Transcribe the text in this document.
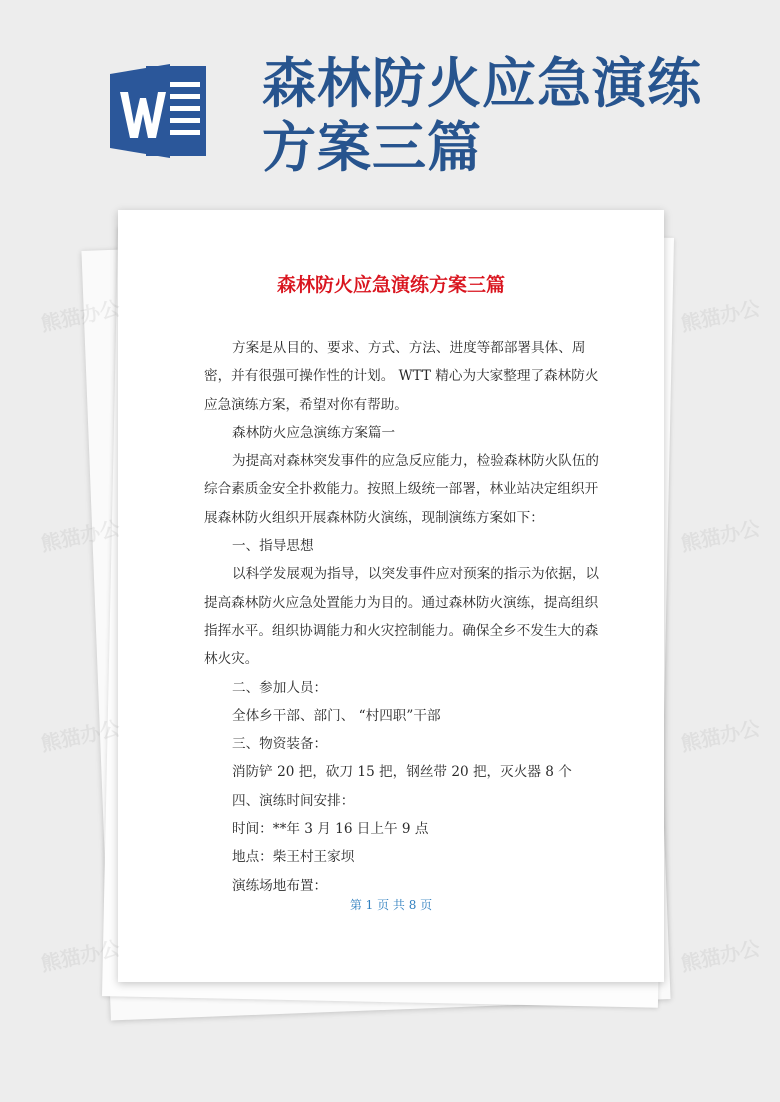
森林防火应急演练
方案三篇
森林防火应急演练方案三篇

方案是从目的、要求、方式、方法、进度等都部署具体、周密，并有很强可操作性的计划。 WTT 精心为大家整理了森林防火应急演练方案，希望对你有帮助。

森林防火应急演练方案篇一

为提高对森林突发事件的应急反应能力，检验森林防火队伍的综合素质金安全扑救能力。按照上级统一部署，林业站决定组织开展森林防火组织开展森林防火演练，现制演练方案如下：

一、指导思想

以科学发展观为指导，以突发事件应对预案的指示为依据，以提高森林防火应急处置能力为目的。通过森林防火演练，提高组织指挥水平。组织协调能力和火灾控制能力。确保全乡不发生大的森林火灾。

二、参加人员：

全体乡干部、部门、 “村四职”干部

三、物资装备：

消防铲 20 把，砍刀 15 把，钢丝带 20 把，灭火器 8 个

四、演练时间安排：

时间：**年 3 月 16 日上午 9 点

地点：柴王村王家坝

演练场地布置：

第 1 页 共 8 页
熊猫办公	熊猫办公
熊猫办公	熊猫办公
熊猫办公	熊猫办公
熊猫办公	熊猫办公
